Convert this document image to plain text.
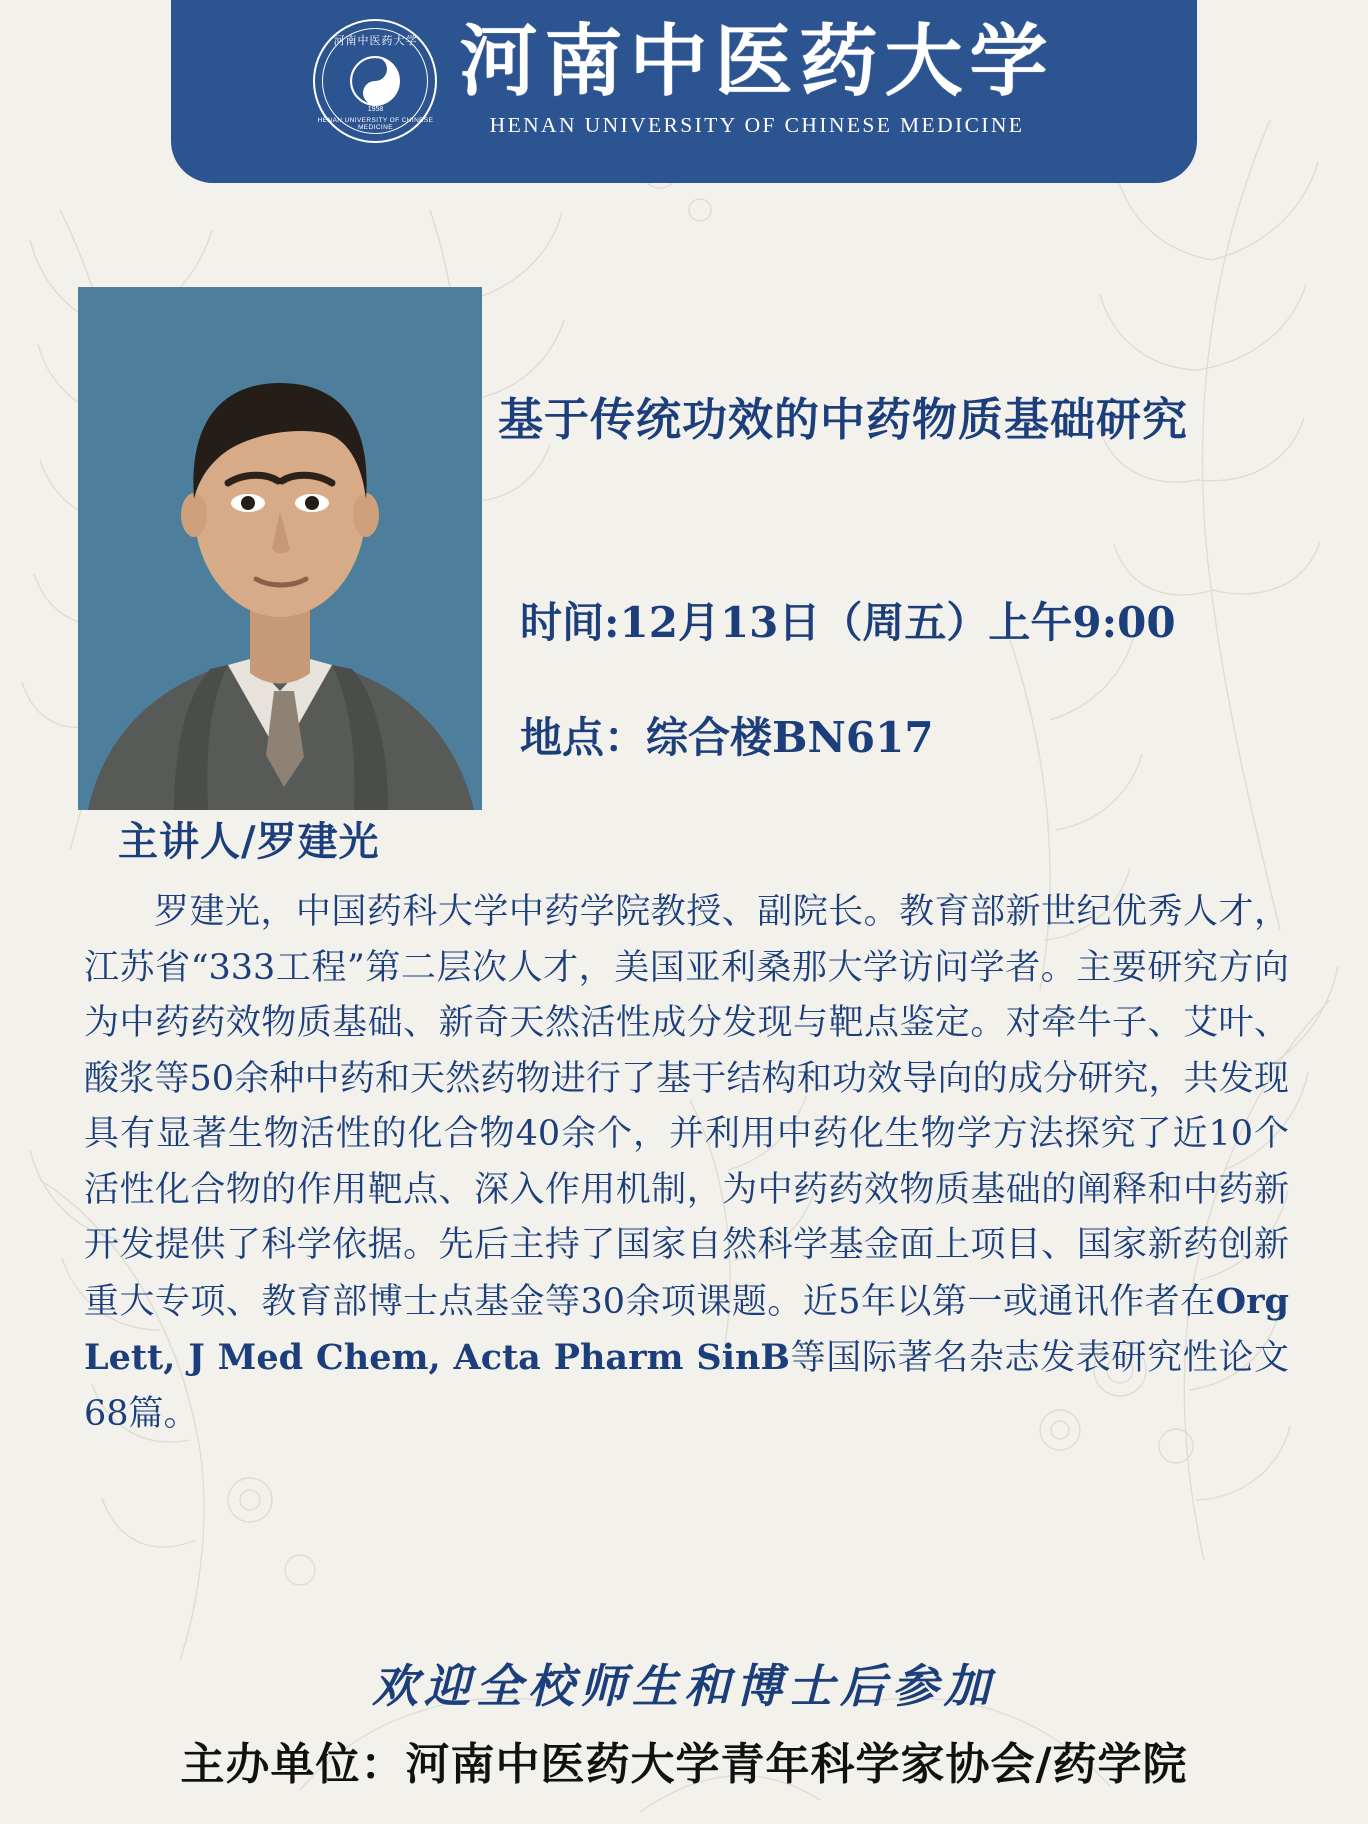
河南中医药大学
1958
HENAN UNIVERSITY OF CHINESE MEDICINE
河南中医药大学
HENAN UNIVERSITY OF CHINESE MEDICINE
基于传统功效的中药物质基础研究
时间:12月13日（周五）上午9:00
地点：综合楼BN617
主讲人/罗建光
罗建光，中国药科大学中药学院教授、副院长。教育部新世纪优秀人才，江苏省“333工程”第二层次人才，美国亚利桑那大学访问学者。主要研究方向为中药药效物质基础、新奇天然活性成分发现与靶点鉴定。对牵牛子、艾叶、酸浆等50余种中药和天然药物进行了基于结构和功效导向的成分研究，共发现具有显著生物活性的化合物40余个，并利用中药化生物学方法探究了近10个活性化合物的作用靶点、深入作用机制，为中药药效物质基础的阐释和中药新开发提供了科学依据。先后主持了国家自然科学基金面上项目、国家新药创新重大专项、教育部博士点基金等30余项课题。近5年以第一或通讯作者在Org Lett, J Med Chem, Acta Pharm SinB等国际著名杂志发表研究性论文68篇。
欢迎全校师生和博士后参加
主办单位：河南中医药大学青年科学家协会/药学院
